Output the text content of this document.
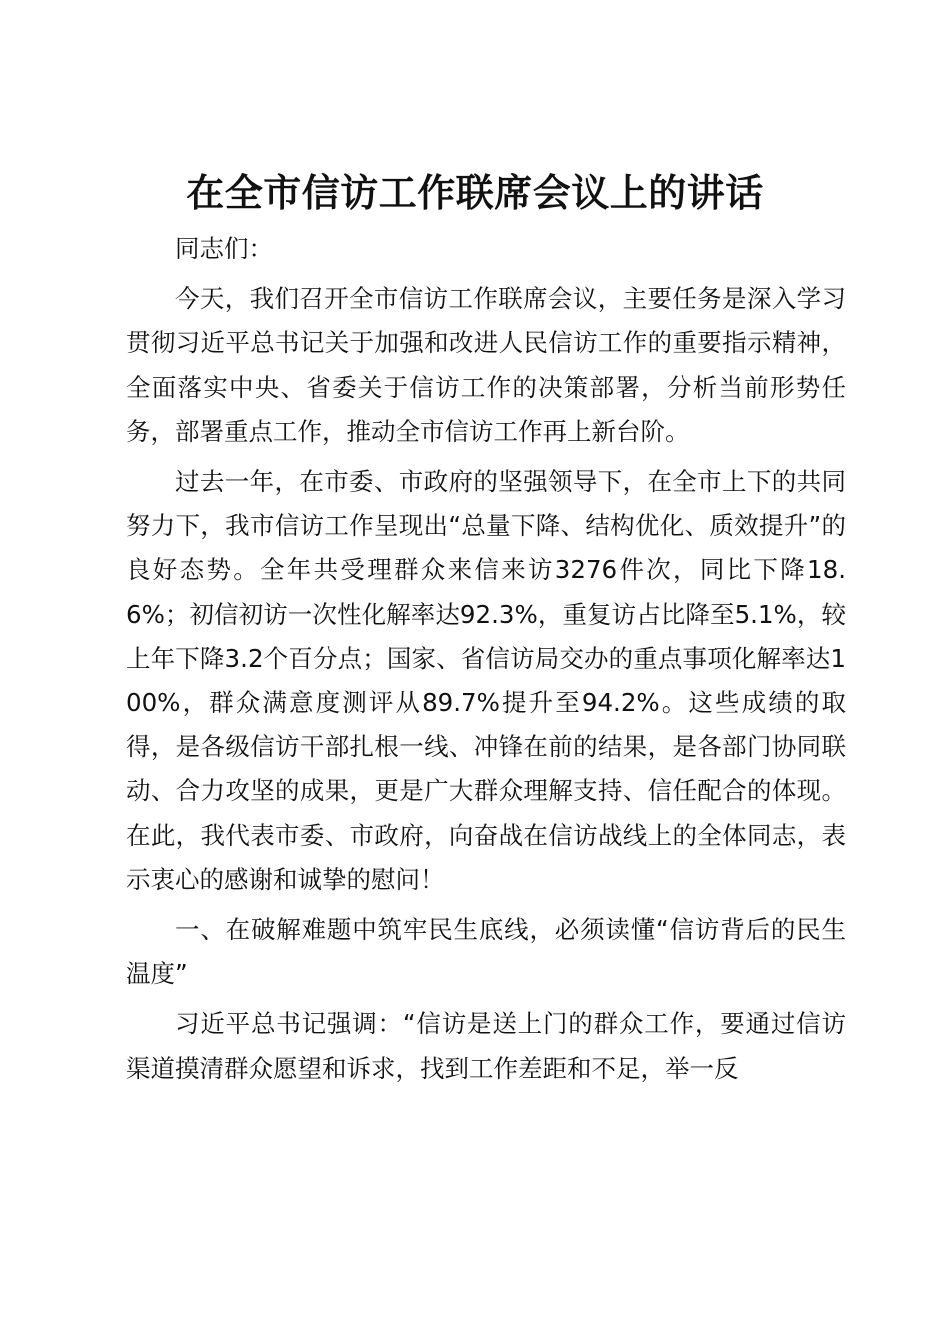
在全市信访工作联席会议上的讲话

同志们：

今天，我们召开全市信访工作联席会议，主要任务是深入学习贯彻习近平总书记关于加强和改进人民信访工作的重要指示精神，全面落实中央、省委关于信访工作的决策部署，分析当前形势任务，部署重点工作，推动全市信访工作再上新台阶。

过去一年，在市委、市政府的坚强领导下，在全市上下的共同努力下，我市信访工作呈现出“总量下降、结构优化、质效提升”的良好态势。全年共受理群众来信来访3276件次，同比下降18.6%；初信初访一次性化解率达92.3%，重复访占比降至5.1%，较上年下降3.2个百分点；国家、省信访局交办的重点事项化解率达100%，群众满意度测评从89.7%提升至94.2%。这些成绩的取得，是各级信访干部扎根一线、冲锋在前的结果，是各部门协同联动、合力攻坚的成果，更是广大群众理解支持、信任配合的体现。在此，我代表市委、市政府，向奋战在信访战线上的全体同志，表示衷心的感谢和诚挚的慰问！

一、在破解难题中筑牢民生底线，必须读懂“信访背后的民生温度”

习近平总书记强调：“信访是送上门的群众工作，要通过信访渠道摸清群众愿望和诉求，找到工作差距和不足，举一反
